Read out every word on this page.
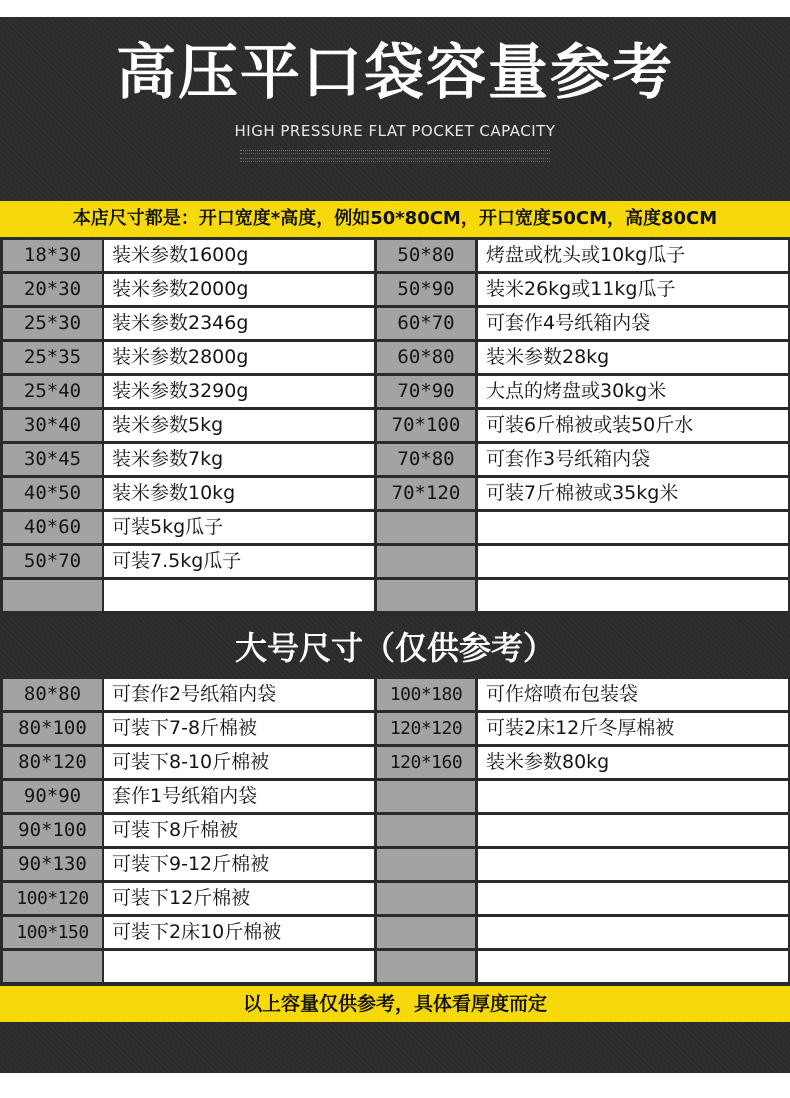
高压平口袋容量参考
HIGH PRESSURE FLAT POCKET CAPACITY
本店尺寸都是：开口宽度*高度，例如50*80CM，开口宽度50CM，高度80CM
18*30	装米参数1600g	50*80	烤盘或枕头或10kg瓜子
20*30	装米参数2000g	50*90	装米26kg或11kg瓜子
25*30	装米参数2346g	60*70	可套作4号纸箱内袋
25*35	装米参数2800g	60*80	装米参数28kg
25*40	装米参数3290g	70*90	大点的烤盘或30kg米
30*40	装米参数5kg	70*100	可装6斤棉被或装50斤水
30*45	装米参数7kg	70*80	可套作3号纸箱内袋
40*50	装米参数10kg	70*120	可装7斤棉被或35kg米
40*60	可装5kg瓜子
50*70	可装7.5kg瓜子
大号尺寸（仅供参考）
80*80	可套作2号纸箱内袋	100*180	可作熔喷布包装袋
80*100	可装下7-8斤棉被	120*120	可装2床12斤冬厚棉被
80*120	可装下8-10斤棉被	120*160	装米参数80kg
90*90	套作1号纸箱内袋
90*100	可装下8斤棉被
90*130	可装下9-12斤棉被
100*120	可装下12斤棉被
100*150	可装下2床10斤棉被
以上容量仅供参考，具体看厚度而定
